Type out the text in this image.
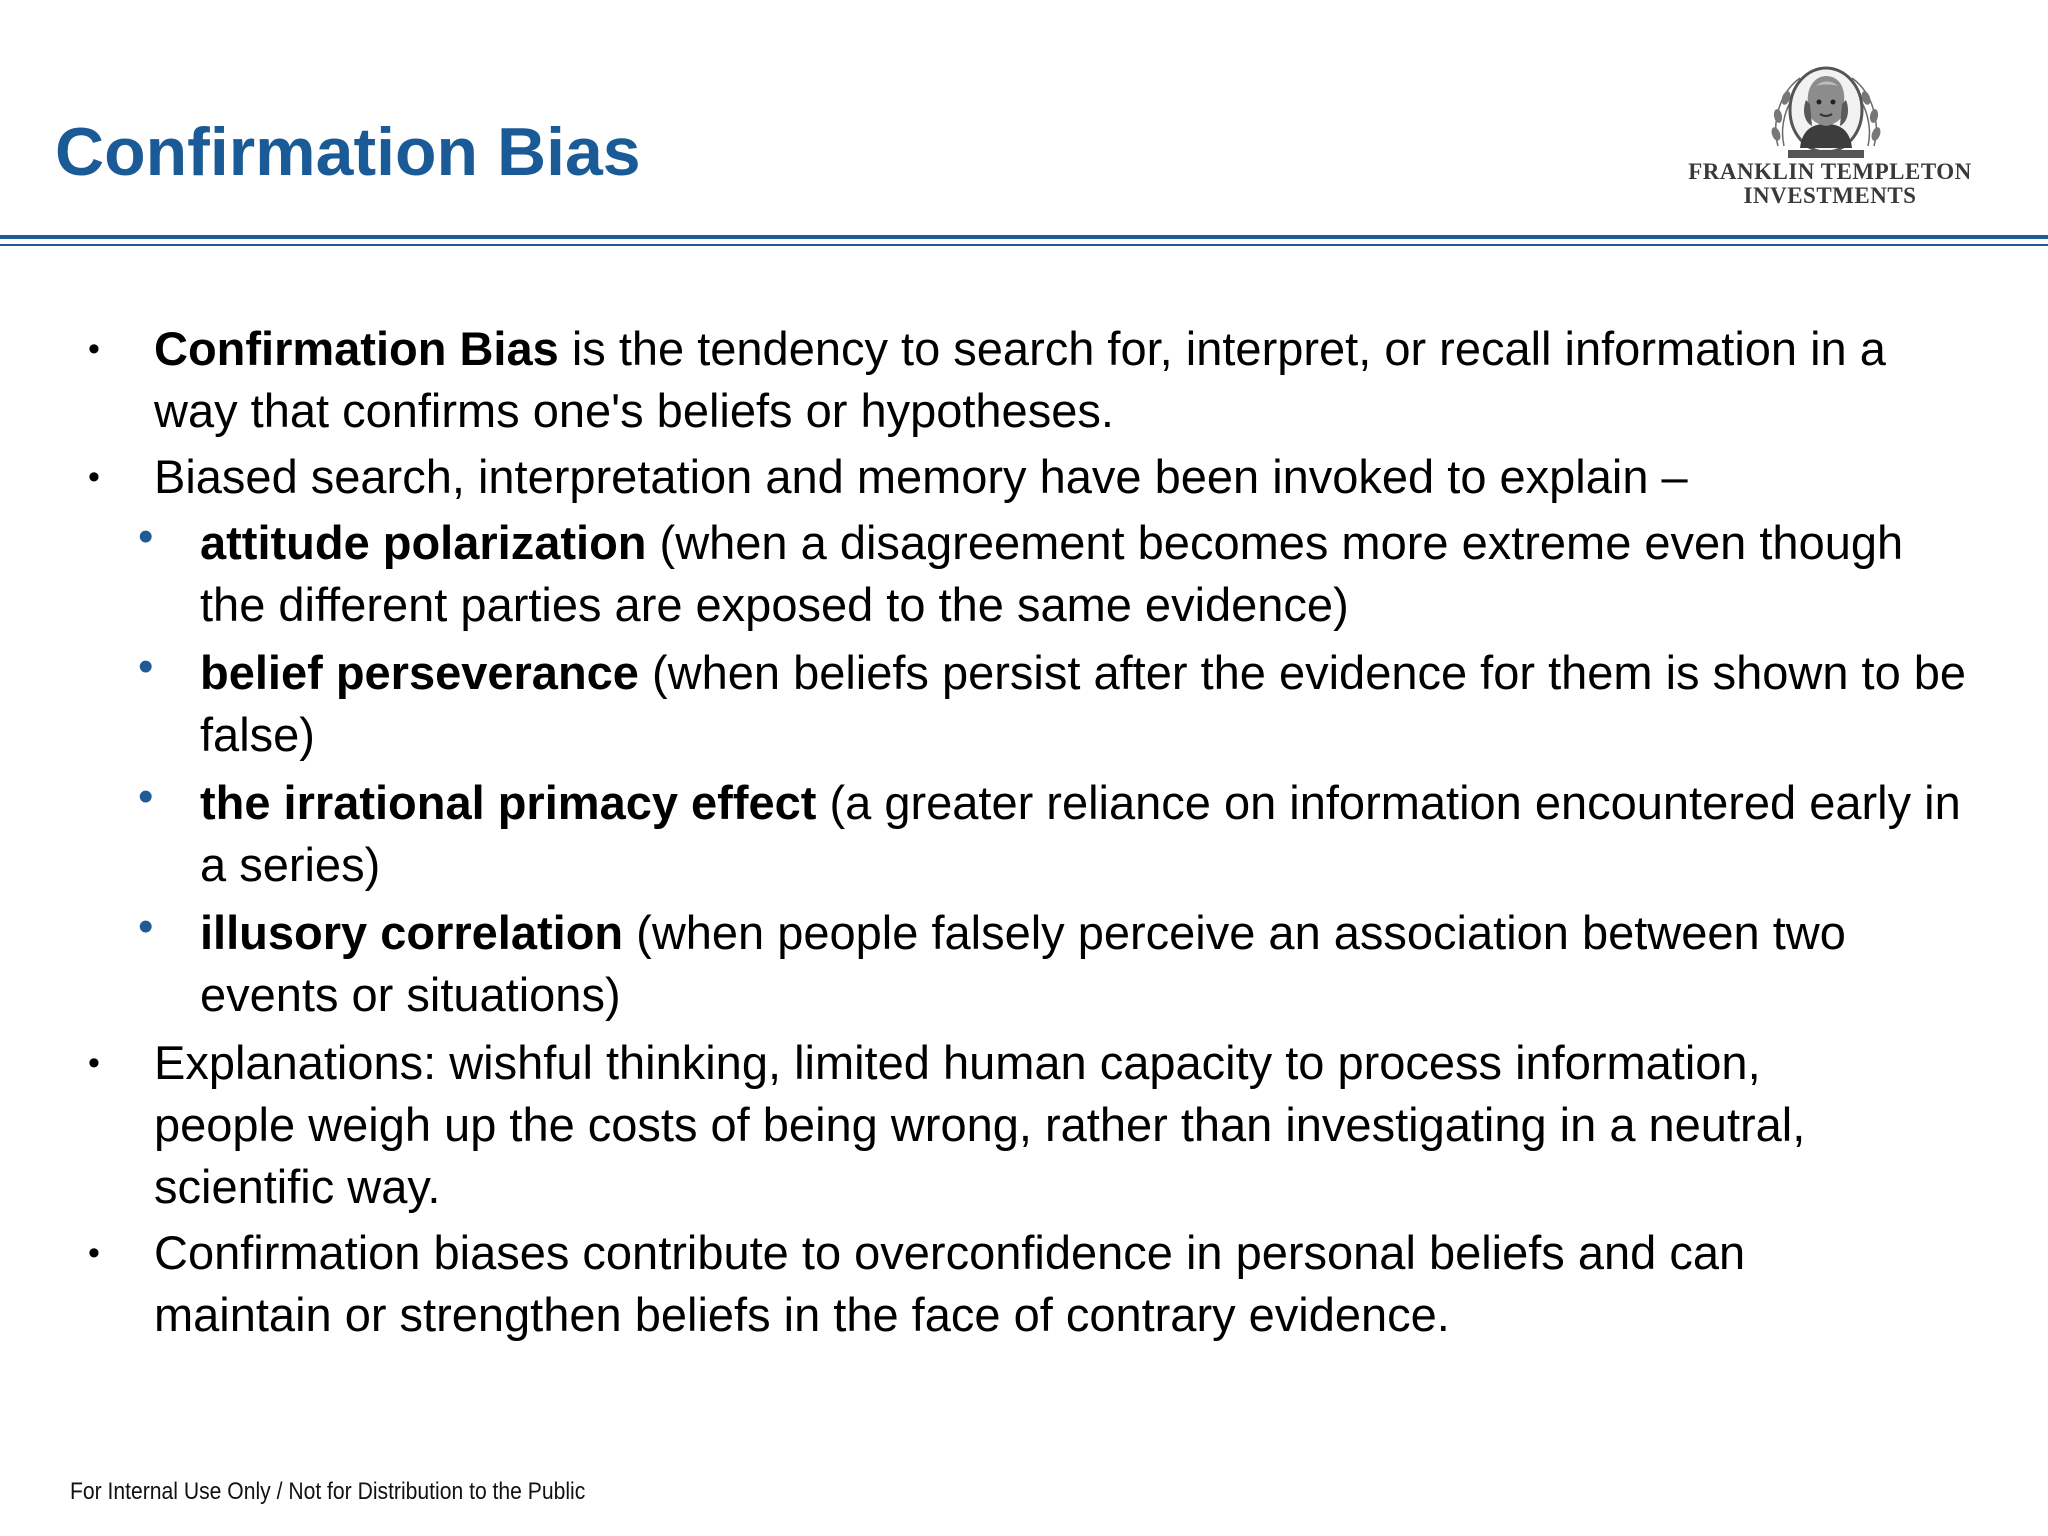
Confirmation Bias	FRANKLIN TEMPLETON
INVESTMENTS
• Confirmation Bias is the tendency to search for, interpret, or recall information in a way that confirms one's beliefs or hypotheses.
• Biased search, interpretation and memory have been invoked to explain –
• attitude polarization (when a disagreement becomes more extreme even though the different parties are exposed to the same evidence)
• belief perseverance (when beliefs persist after the evidence for them is shown to be false)
• the irrational primacy effect (a greater reliance on information encountered early in a series)
• illusory correlation (when people falsely perceive an association between two events or situations)
• Explanations: wishful thinking, limited human capacity to process information, people weigh up the costs of being wrong, rather than investigating in a neutral, scientific way.
• Confirmation biases contribute to overconfidence in personal beliefs and can maintain or strengthen beliefs in the face of contrary evidence.
For Internal Use Only / Not for Distribution to the Public
